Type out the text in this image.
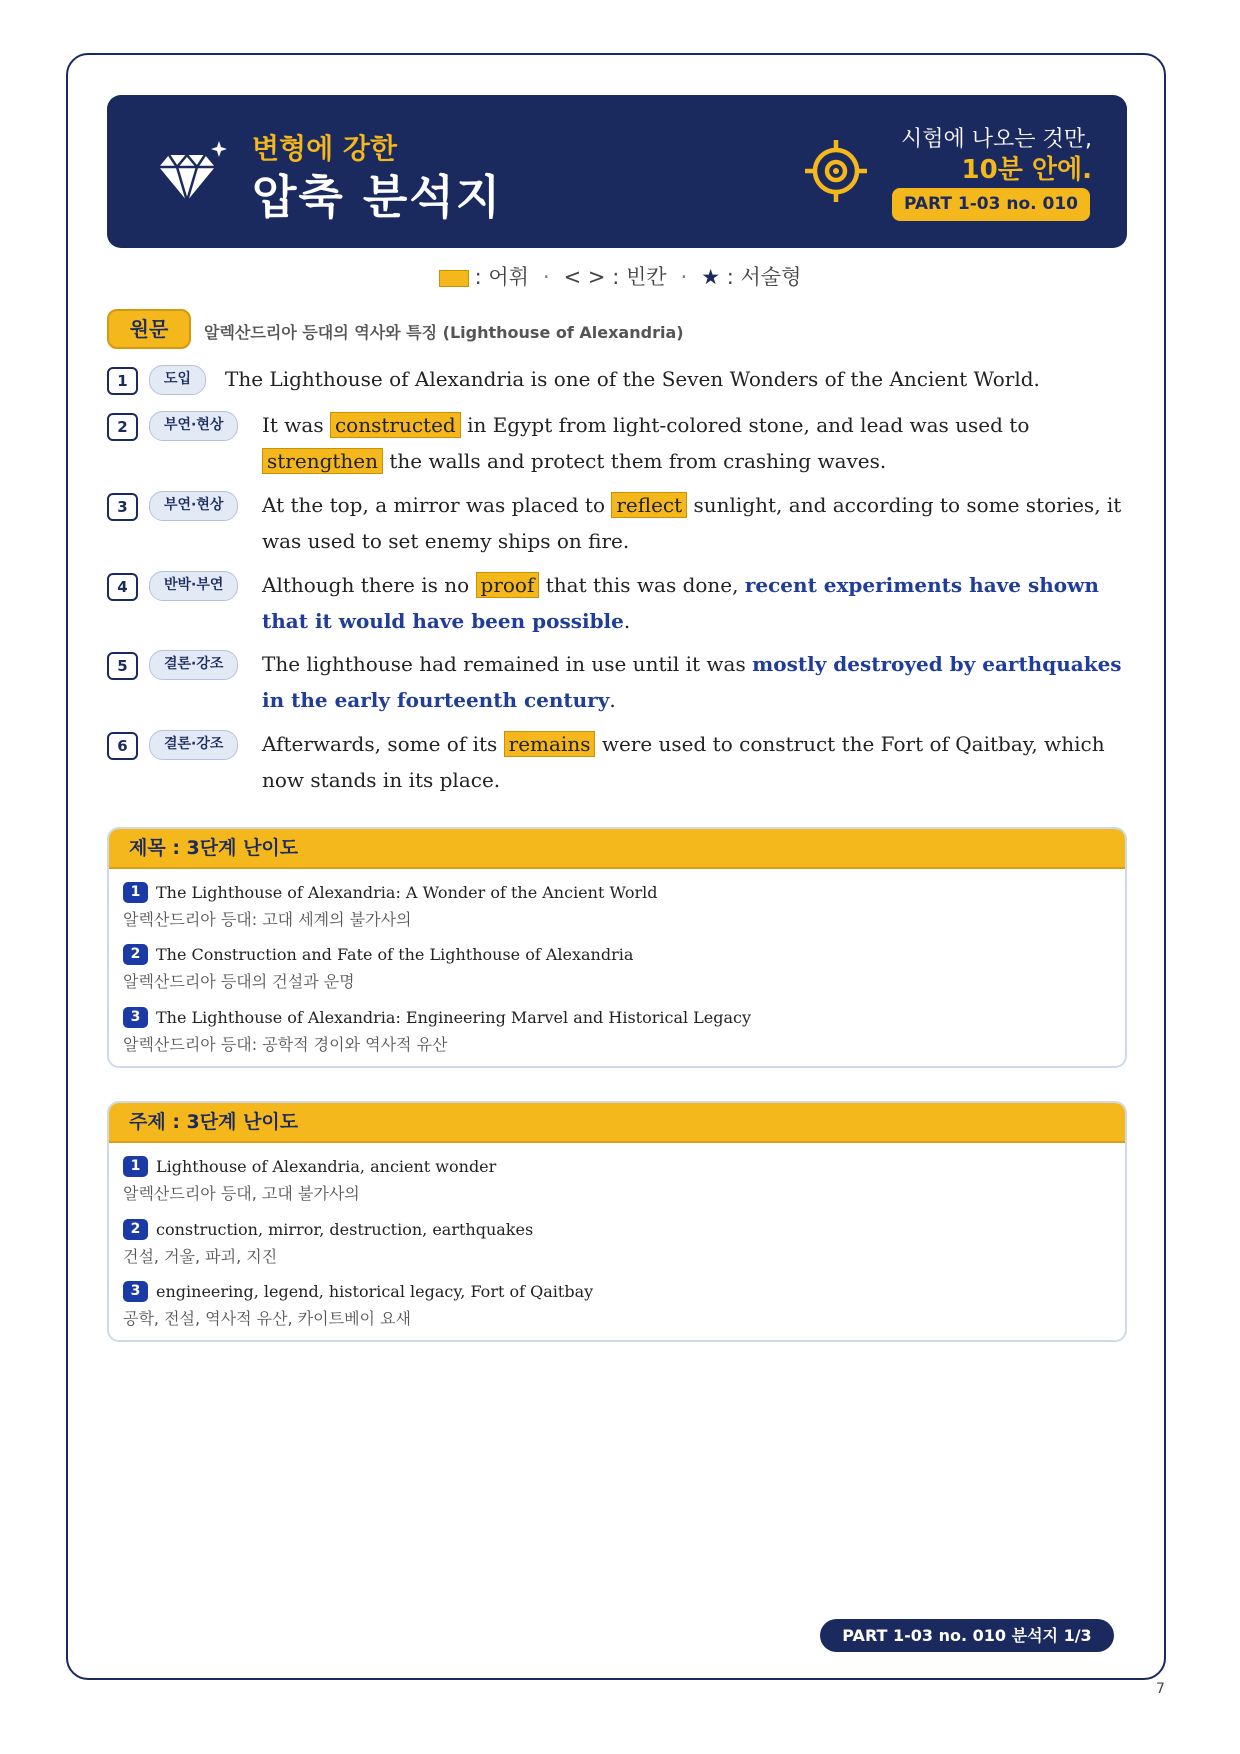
변형에 강한
압축 분석지
시험에 나오는 것만,
10분 안에.
PART 1-03 no. 010
: 어휘 · < > : 빈칸 · ★ : 서술형
원문	알렉산드리아 등대의 역사와 특징 (Lighthouse of Alexandria)
1	도입	The Lighthouse of Alexandria is one of the Seven Wonders of the Ancient World.
2	부연·현상	It was constructed in Egypt from light-colored stone, and lead was used to strengthen the walls and protect them from crashing waves.
3	부연·현상	At the top, a mirror was placed to reflect sunlight, and according to some stories, it was used to set enemy ships on fire.
4	반박·부연	Although there is no proof that this was done, recent experiments have shown that it would have been possible.
5	결론·강조	The lighthouse had remained in use until it was mostly destroyed by earthquakes in the early fourteenth century.
6	결론·강조	Afterwards, some of its remains were used to construct the Fort of Qaitbay, which now stands in its place.
제목 : 3단계 난이도
1 The Lighthouse of Alexandria: A Wonder of the Ancient World
알렉산드리아 등대: 고대 세계의 불가사의
2 The Construction and Fate of the Lighthouse of Alexandria
알렉산드리아 등대의 건설과 운명
3 The Lighthouse of Alexandria: Engineering Marvel and Historical Legacy
알렉산드리아 등대: 공학적 경이와 역사적 유산
주제 : 3단계 난이도
1 Lighthouse of Alexandria, ancient wonder
알렉산드리아 등대, 고대 불가사의
2 construction, mirror, destruction, earthquakes
건설, 거울, 파괴, 지진
3 engineering, legend, historical legacy, Fort of Qaitbay
공학, 전설, 역사적 유산, 카이트베이 요새
PART 1-03 no. 010 분석지 1/3
7
